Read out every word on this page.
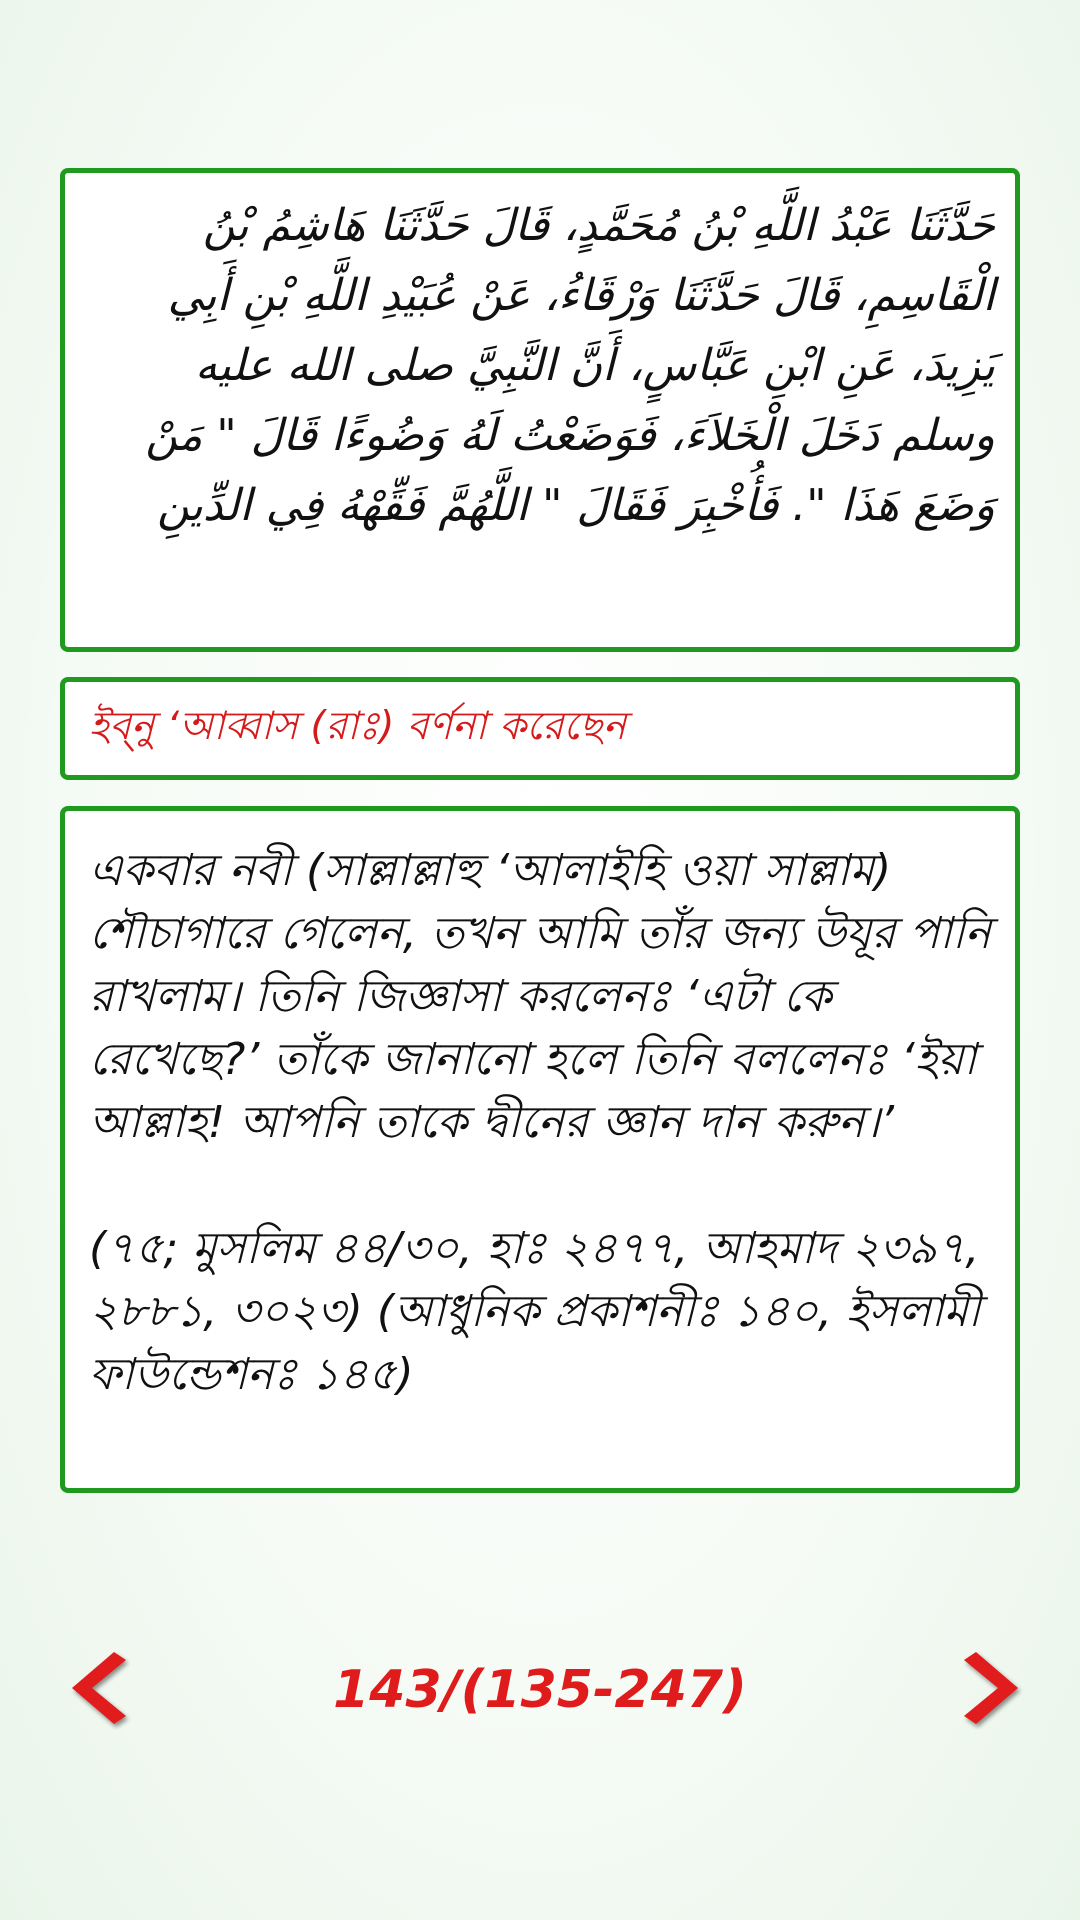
حَدَّثَنَا عَبْدُ اللَّهِ بْنُ مُحَمَّدٍ، قَالَ حَدَّثَنَا هَاشِمُ بْنُ الْقَاسِمِ، قَالَ حَدَّثَنَا وَرْقَاءُ، عَنْ عُبَيْدِ اللَّهِ بْنِ أَبِي يَزِيدَ، عَنِ ابْنِ عَبَّاسٍ، أَنَّ النَّبِيَّ صلى الله عليه وسلم دَخَلَ الْخَلاَءَ، فَوَضَعْتُ لَهُ وَضُوءًا قَالَ " مَنْ وَضَعَ هَذَا ". فَأُخْبِرَ فَقَالَ " اللَّهُمَّ فَقِّهْهُ فِي الدِّينِ

ইব্‌নু ‘আব্বাস (রাঃ) বর্ণনা করেছেন

একবার নবী (সাল্লাল্লাহু ‘আলাইহি ওয়া সাল্লাম) শৌচাগারে গেলেন, তখন আমি তাঁর জন্য উযূর পানি রাখলাম। তিনি জিজ্ঞাসা করলেনঃ ‘এটা কে রেখেছে?’ তাঁকে জানানো হলে তিনি বললেনঃ ‘ইয়া আল্লাহ! আপনি তাকে দ্বীনের জ্ঞান দান করুন।’

(৭৫; মুসলিম ৪৪/৩০, হাঃ ২৪৭৭, আহমাদ ২৩৯৭, ২৮৮১, ৩০২৩) (আধুনিক প্রকাশনীঃ ১৪০, ইসলামী ফাউন্ডেশনঃ ১৪৫)

143/(135-247)
